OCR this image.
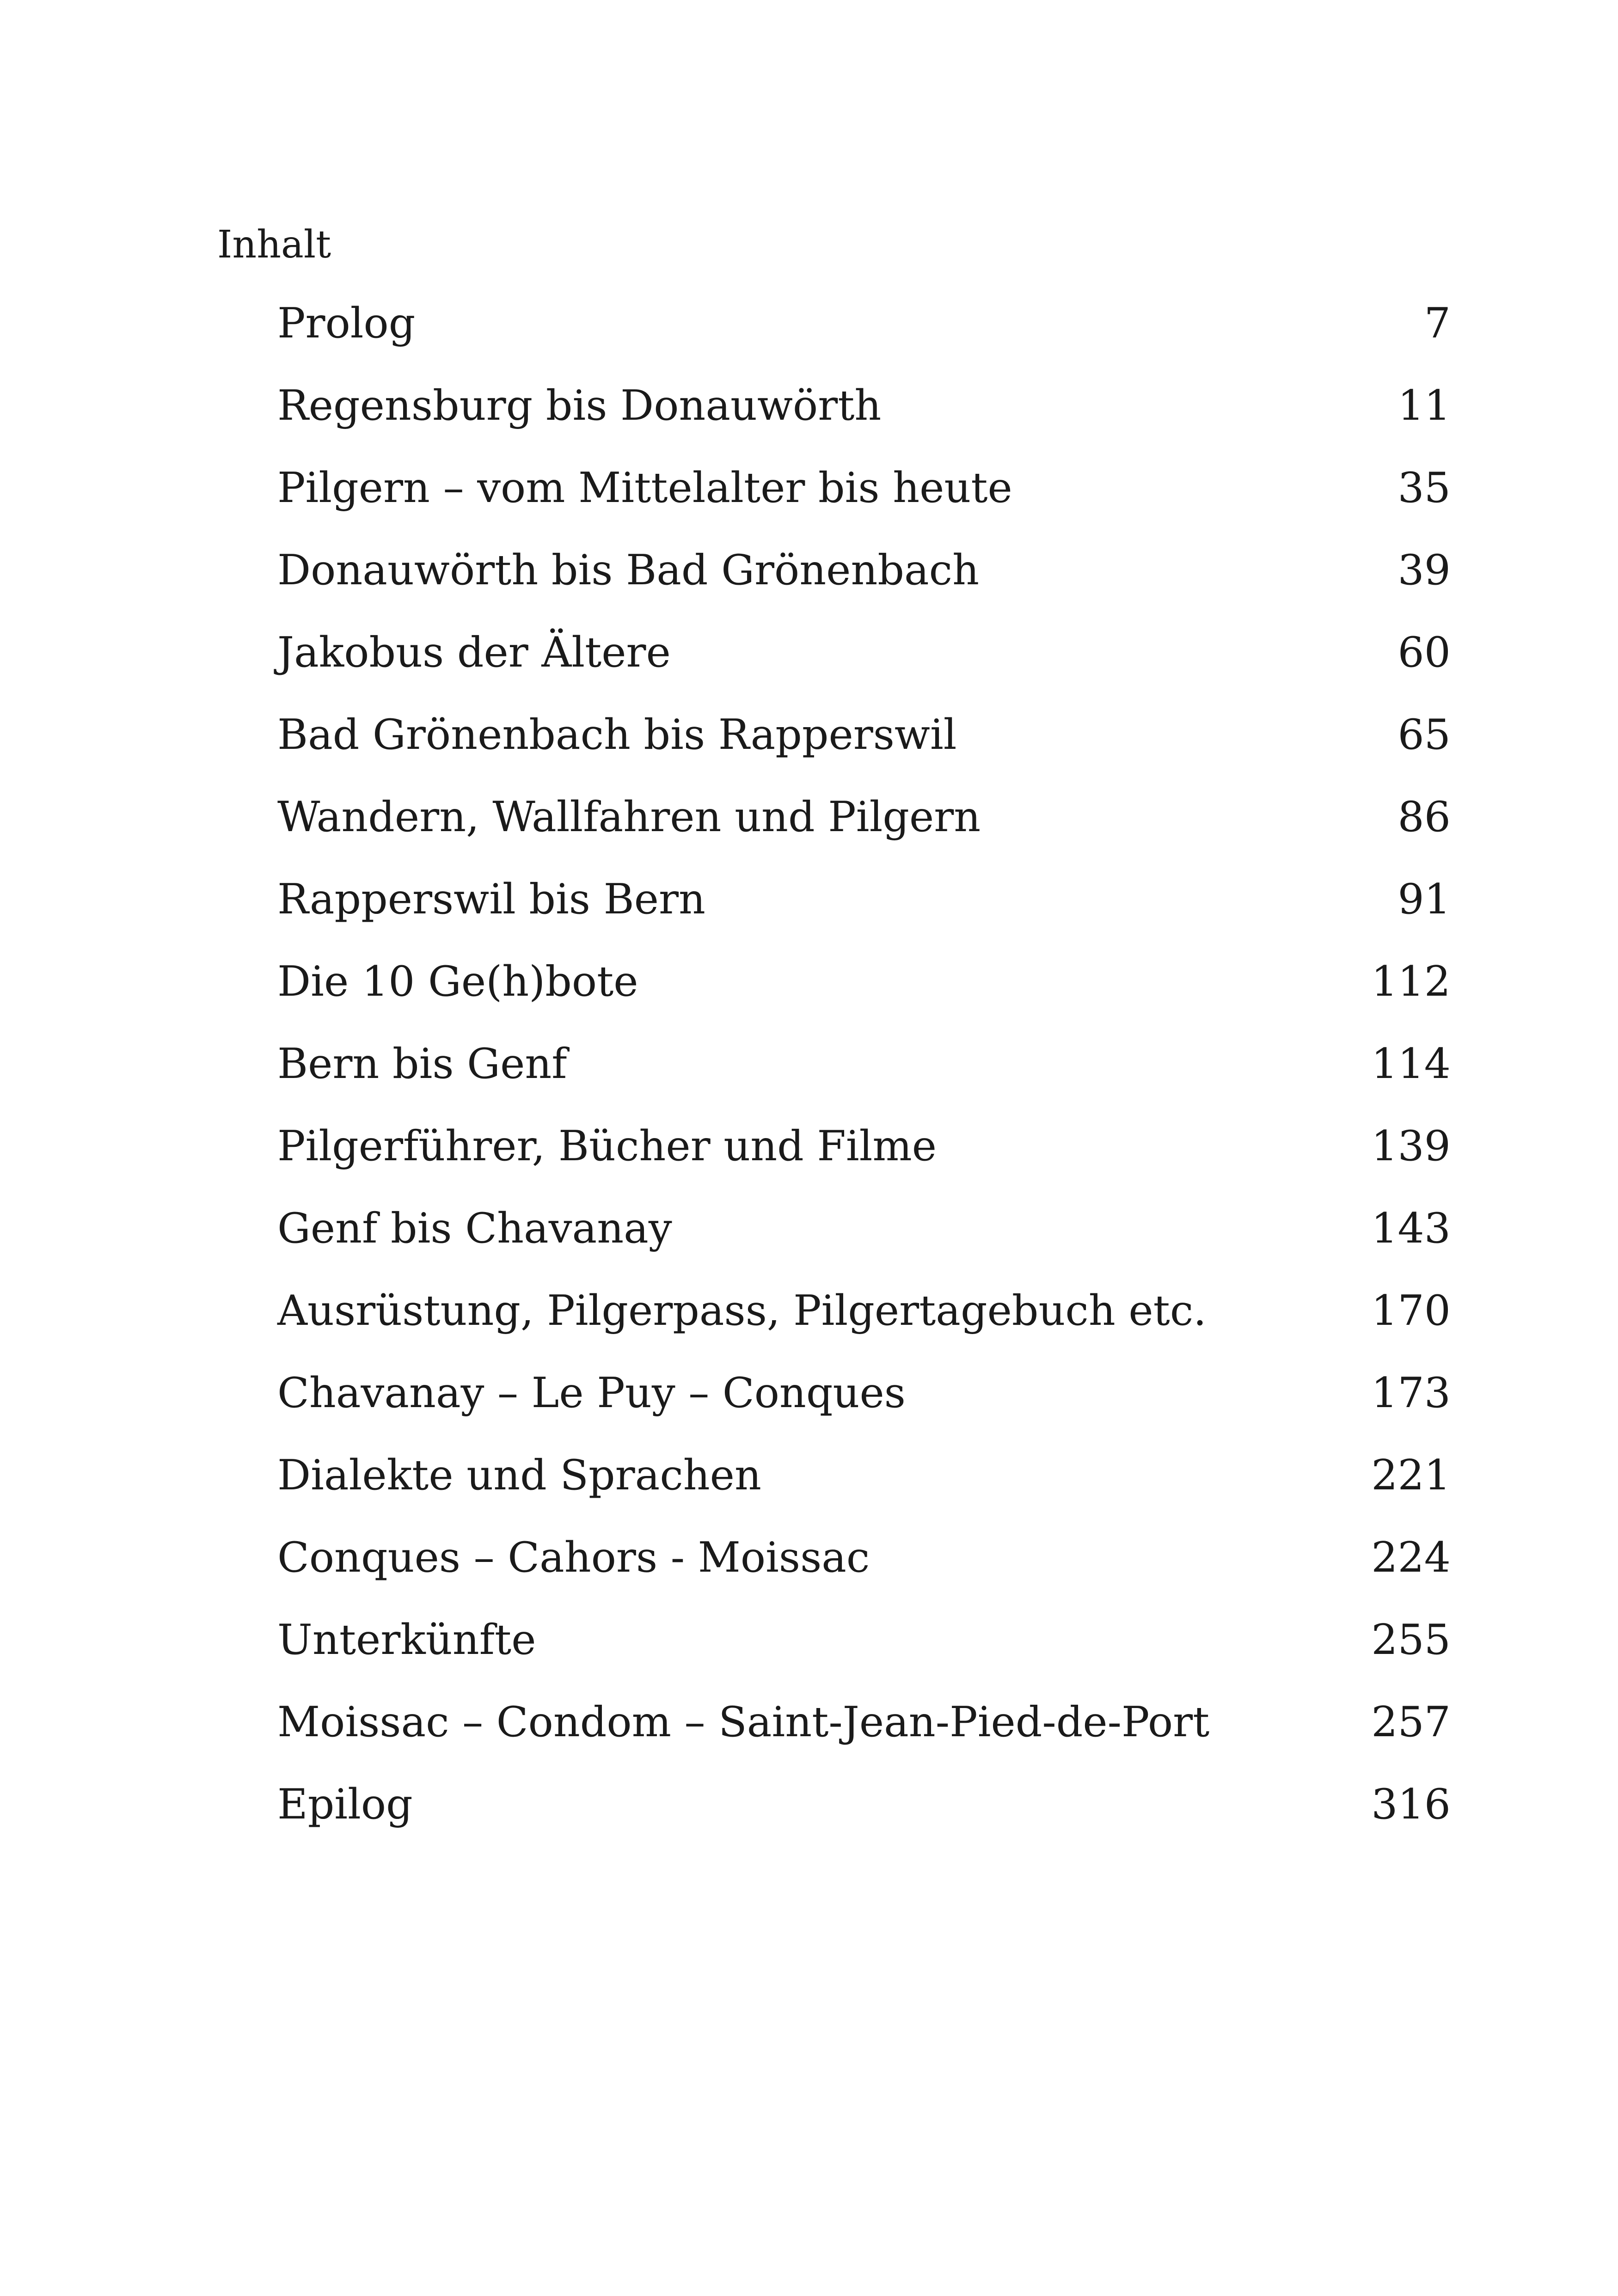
Inhalt
Prolog	7
Regensburg bis Donauwörth	11
Pilgern – vom Mittelalter bis heute	35
Donauwörth bis Bad Grönenbach	39
Jakobus der Ältere	60
Bad Grönenbach bis Rapperswil	65
Wandern, Wallfahren und Pilgern	86
Rapperswil bis Bern	91
Die 10 Ge(h)bote	112
Bern bis Genf	114
Pilgerführer, Bücher und Filme	139
Genf bis Chavanay	143
Ausrüstung, Pilgerpass, Pilgertagebuch etc.	170
Chavanay – Le Puy – Conques	173
Dialekte und Sprachen	221
Conques – Cahors - Moissac	224
Unterkünfte	255
Moissac – Condom – Saint-Jean-Pied-de-Port	257
Epilog	316
